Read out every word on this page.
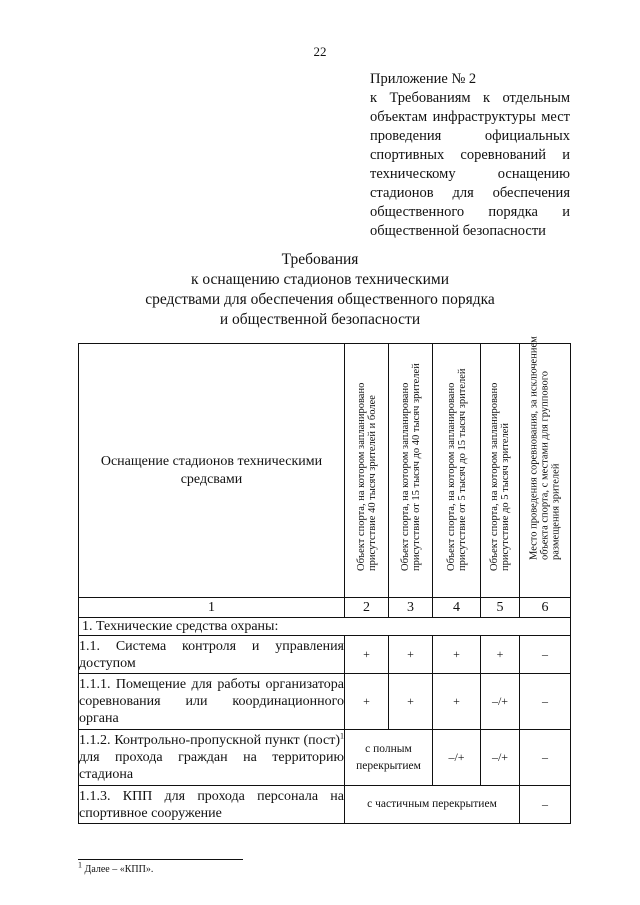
22
Приложение № 2
к Требованиям к отдельным объектам инфраструктуры мест проведения официальных спортивных соревнований и техническому оснащению стадионов для обеспечения общественного порядка и общественной безопасности
Требования
к оснащению стадионов техническими
средствами для обеспечения общественного порядка
и общественной безопасности
Оснащение стадионов техническими средсвами	Объект спорта, на котором запланировано присутствие 40 тысяч зрителей и более	Объект спорта, на котором запланировано присутствие от 15 тысяч до 40 тысяч зрителей	Объект спорта, на котором запланировано присутствие от 5 тысяч до 15 тысяч зрителей	Объект спорта, на котором запланировано присутствие до 5 тысяч зрителей	Место проведения соревнования, за исключением объекта спорта, с местами для группового размещения зрителей

1	2	3	4	5	6
1. Технические средства охраны:					
1.1. Система контроля и управления доступом	+	+	+	+	–
1.1.1. Помещение для работы организатора соревнования или координационного органа	+	+	+	–/+	–
1.1.2. Контрольно-пропускной пункт (пост)$^1$ для прохода граждан на территорию стадиона	с полным перекрытием		–/+	–/+	–
1.1.3. КПП для прохода персонала на спортивное сооружение	с частичным перекрытием				–
$^1$ Далее – «КПП».
